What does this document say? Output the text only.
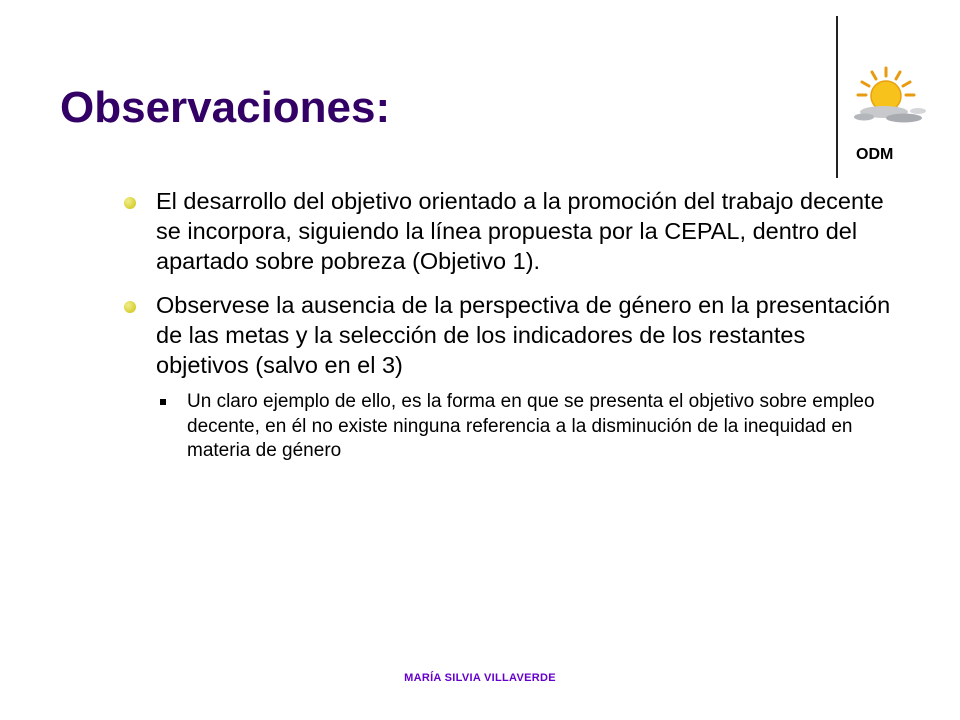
Observaciones:
ODM
El desarrollo del objetivo orientado a la promoción del trabajo decente se incorpora, siguiendo la línea propuesta por la CEPAL, dentro del apartado sobre pobreza (Objetivo 1).
Observese la ausencia de la perspectiva de género en la presentación de las metas y la selección de los indicadores de los restantes objetivos (salvo en el 3)
Un claro ejemplo de ello, es la forma en que se presenta el objetivo sobre empleo decente, en él no existe ninguna referencia a la disminución de la inequidad en materia de género
MARÍA SILVIA VILLAVERDE
